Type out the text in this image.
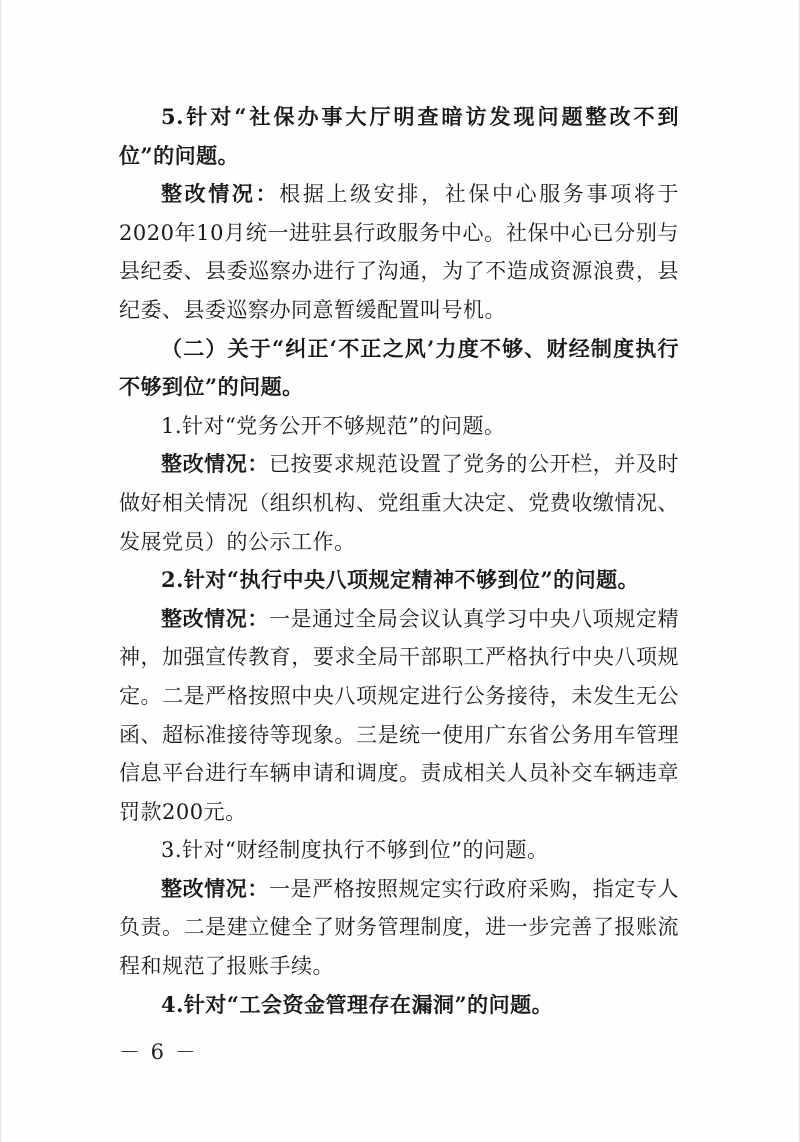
5.针对“社保办事大厅明查暗访发现问题整改不到位”的问题。

整改情况：根据上级安排，社保中心服务事项将于2020年10月统一进驻县行政服务中心。社保中心已分别与县纪委、县委巡察办进行了沟通，为了不造成资源浪费，县纪委、县委巡察办同意暂缓配置叫号机。

（二）关于“纠正‘不正之风’力度不够、财经制度执行不够到位”的问题。

1.针对“党务公开不够规范”的问题。

整改情况：已按要求规范设置了党务的公开栏，并及时做好相关情况（组织机构、党组重大决定、党费收缴情况、发展党员）的公示工作。

2.针对“执行中央八项规定精神不够到位”的问题。

整改情况：一是通过全局会议认真学习中央八项规定精神，加强宣传教育，要求全局干部职工严格执行中央八项规定。二是严格按照中央八项规定进行公务接待，未发生无公函、超标准接待等现象。三是统一使用广东省公务用车管理信息平台进行车辆申请和调度。责成相关人员补交车辆违章罚款200元。

3.针对“财经制度执行不够到位”的问题。

整改情况：一是严格按照规定实行政府采购，指定专人负责。二是建立健全了财务管理制度，进一步完善了报账流程和规范了报账手续。

4.针对“工会资金管理存在漏洞”的问题。

－ 6 －
